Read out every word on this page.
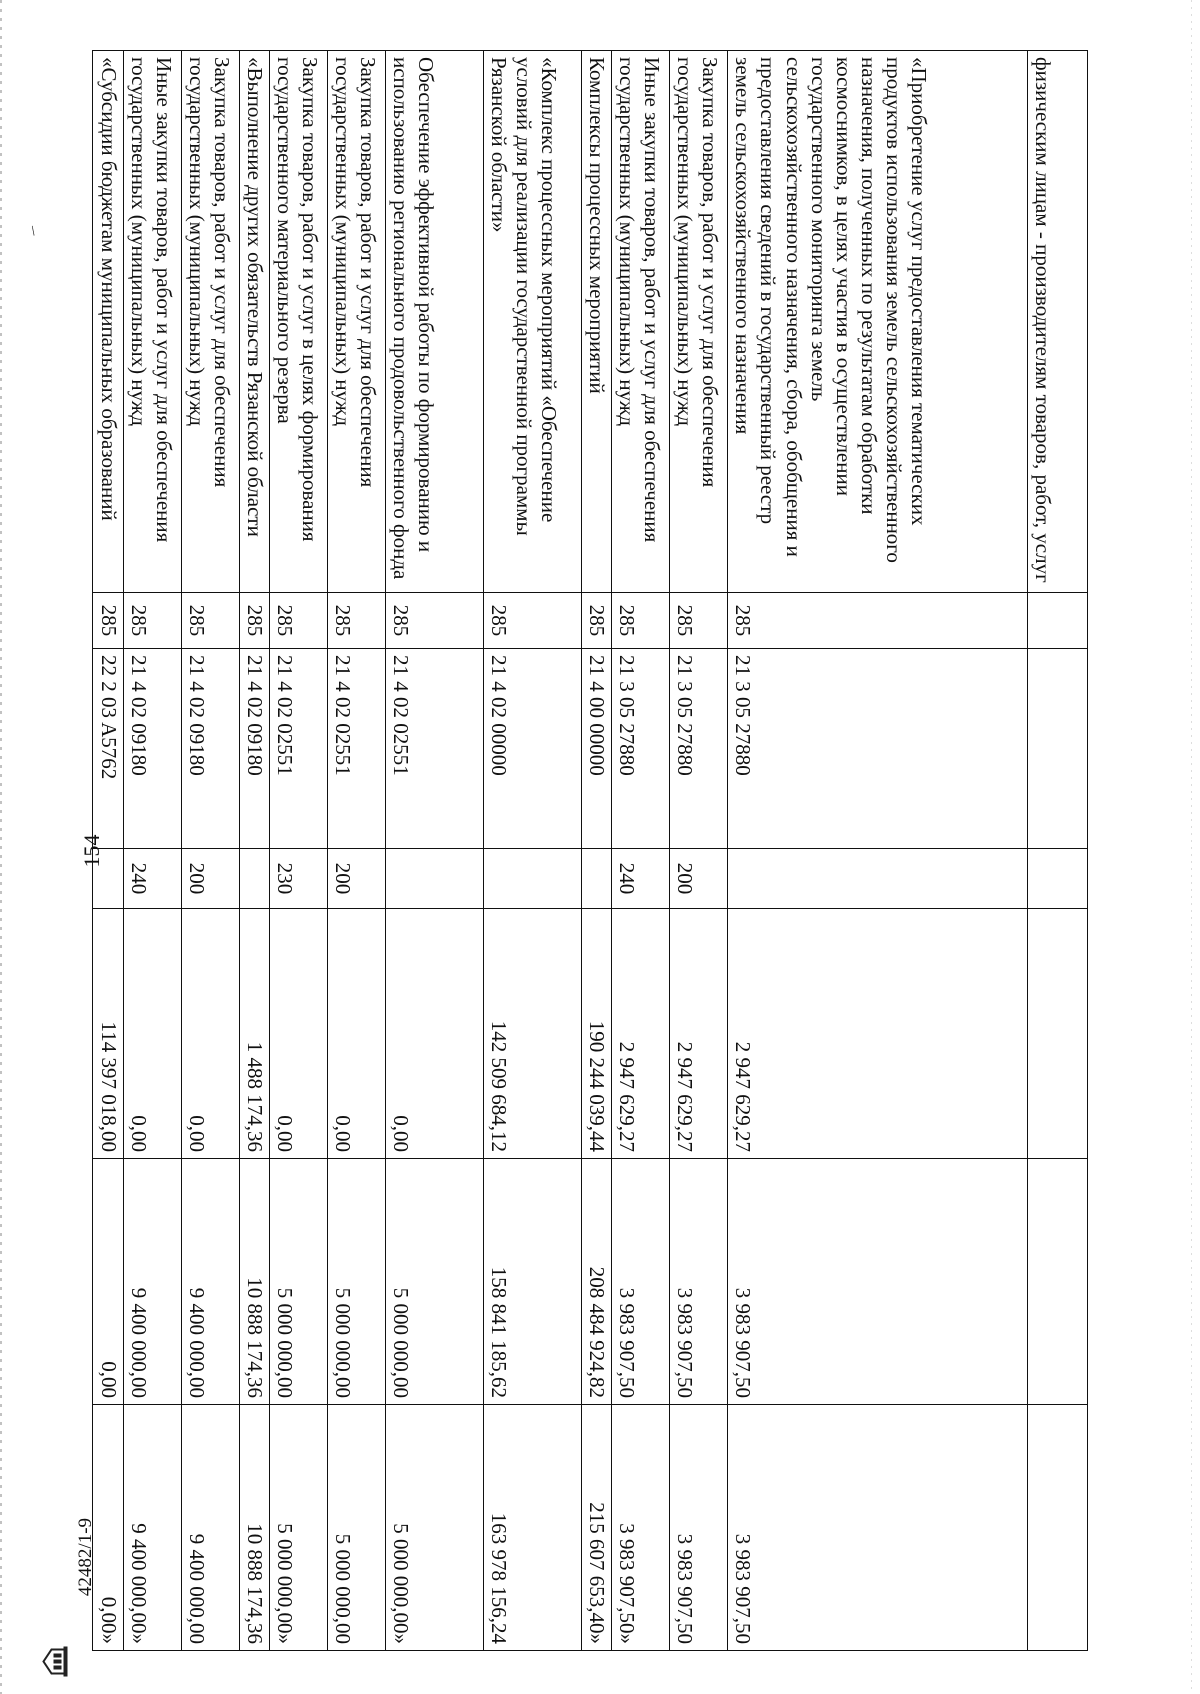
/
154
физическим лицам - производителям товаров, работ, услуг						
«Приобретение услуг предоставления тематических продуктов использования земель сельскохозяйственного назначения, полученных по результатам обработки космоснимков, в целях участия в осуществлении государственного мониторинга земель сельскохозяйственного назначения, сбора, обобщения и предоставления сведений в государственный реестр земель сельскохозяйственного назначения	285	21 3 05 27880		2 947 629,27	3 983 907,50	3 983 907,50
Закупка товаров, работ и услуг для обеспечения государственных (муниципальных) нужд	285	21 3 05 27880	200	2 947 629,27	3 983 907,50	3 983 907,50
Иные закупки товаров, работ и услуг для обеспечения государственных (муниципальных) нужд	285	21 3 05 27880	240	2 947 629,27	3 983 907,50	3 983 907,50»
Комплексы процессных мероприятий	285	21 4 00 00000		190 244 039,44	208 484 924,82	215 607 653,40»
«Комплекс процессных мероприятий «Обеспечение условий для реализации государственной программы Рязанской области»	285	21 4 02 00000		142 509 684,12	158 841 185,62	163 978 156,24
Обеспечение эффективной работы по формированию и использованию регионального продовольственного фонда	285	21 4 02 02551		0,00	5 000 000,00	5 000 000,00»
Закупка товаров, работ и услуг для обеспечения государственных (муниципальных) нужд	285	21 4 02 02551	200	0,00	5 000 000,00	5 000 000,00
Закупка товаров, работ и услуг в целях формирования государственного материального резерва	285	21 4 02 02551	230	0,00	5 000 000,00	5 000 000,00»
«Выполнение других обязательств Рязанской области	285	21 4 02 09180		1 488 174,36	10 888 174,36	10 888 174,36
Закупка товаров, работ и услуг для обеспечения государственных (муниципальных) нужд	285	21 4 02 09180	200	0,00	9 400 000,00	9 400 000,00
Иные закупки товаров, работ и услуг для обеспечения государственных (муниципальных) нужд	285	21 4 02 09180	240	0,00	9 400 000,00	9 400 000,00»
«Субсидии бюджетам муниципальных образований	285	22 2 03 A5762		114 397 018,00	0,00	0,00»
42482/1-9
